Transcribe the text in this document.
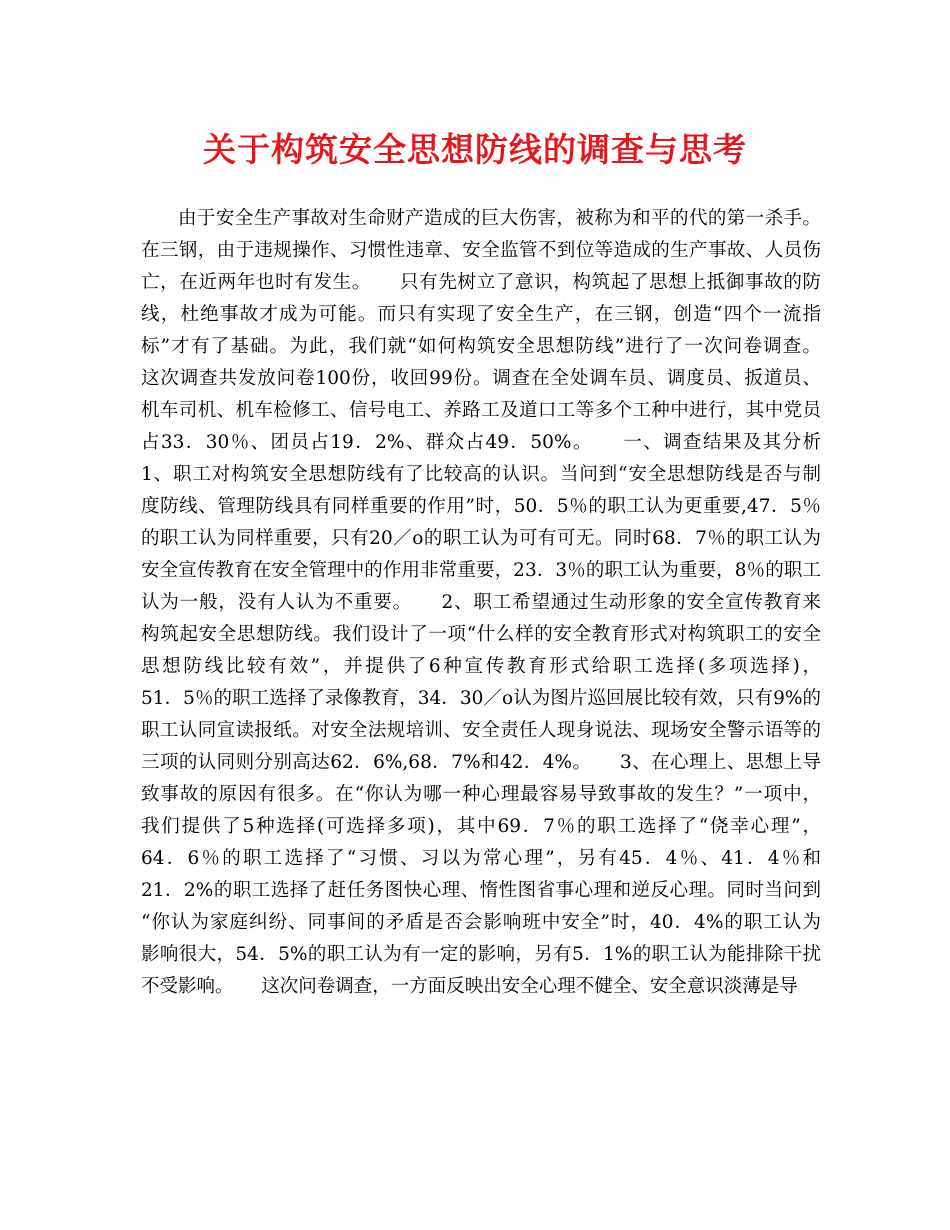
关于构筑安全思想防线的调查与思考
由于安全生产事故对生命财产造成的巨大伤害，被称为和平的代的第一杀手。
在三钢，由于违规操作、习惯性违章、安全监管不到位等造成的生产事故、人员伤
亡，在近两年也时有发生。　　只有先树立了意识，构筑起了思想上抵御事故的防
线，杜绝事故才成为可能。而只有实现了安全生产，在三钢，创造“四个一流指
标”才有了基础。为此，我们就“如何构筑安全思想防线”进行了一次问卷调查。
这次调查共发放问卷100份，收回99份。调查在全处调车员、调度员、扳道员、
机车司机、机车检修工、信号电工、养路工及道口工等多个工种中进行，其中党员
占33．30％、团员占19．2%、群众占49．50%。　　一、调查结果及其分析
1、职工对构筑安全思想防线有了比较高的认识。当问到“安全思想防线是否与制
度防线、管理防线具有同样重要的作用”时，50．5％的职工认为更重要,47．5％
的职工认为同样重要，只有20／o的职工认为可有可无。同时68．7％的职工认为
安全宣传教育在安全管理中的作用非常重要，23．3％的职工认为重要，8％的职工
认为一般，没有人认为不重要。　　2、职工希望通过生动形象的安全宣传教育来
构筑起安全思想防线。我们设计了一项“什么样的安全教育形式对构筑职工的安全
思想防线比较有效”，并提供了6种宣传教育形式给职工选择(多项选择)，
51．5％的职工选择了录像教育，34．30／o认为图片巡回展比较有效，只有9%的
职工认同宣读报纸。对安全法规培训、安全责任人现身说法、现场安全警示语等的
三项的认同则分别高达62．6%,68．7%和42．4%。　　3、在心理上、思想上导
致事故的原因有很多。在“你认为哪一种心理最容易导致事故的发生？”一项中，
我们提供了5种选择(可选择多项)，其中69．7％的职工选择了“侥幸心理”，
64．6％的职工选择了“习惯、习以为常心理”，另有45．4％、41．4％和
21．2%的职工选择了赶任务图快心理、惰性图省事心理和逆反心理。同时当问到
“你认为家庭纠纷、同事间的矛盾是否会影响班中安全”时，40．4%的职工认为
影响很大，54．5%的职工认为有一定的影响，另有5．1%的职工认为能排除干扰
不受影响。　　这次问卷调查，一方面反映出安全心理不健全、安全意识淡薄是导
